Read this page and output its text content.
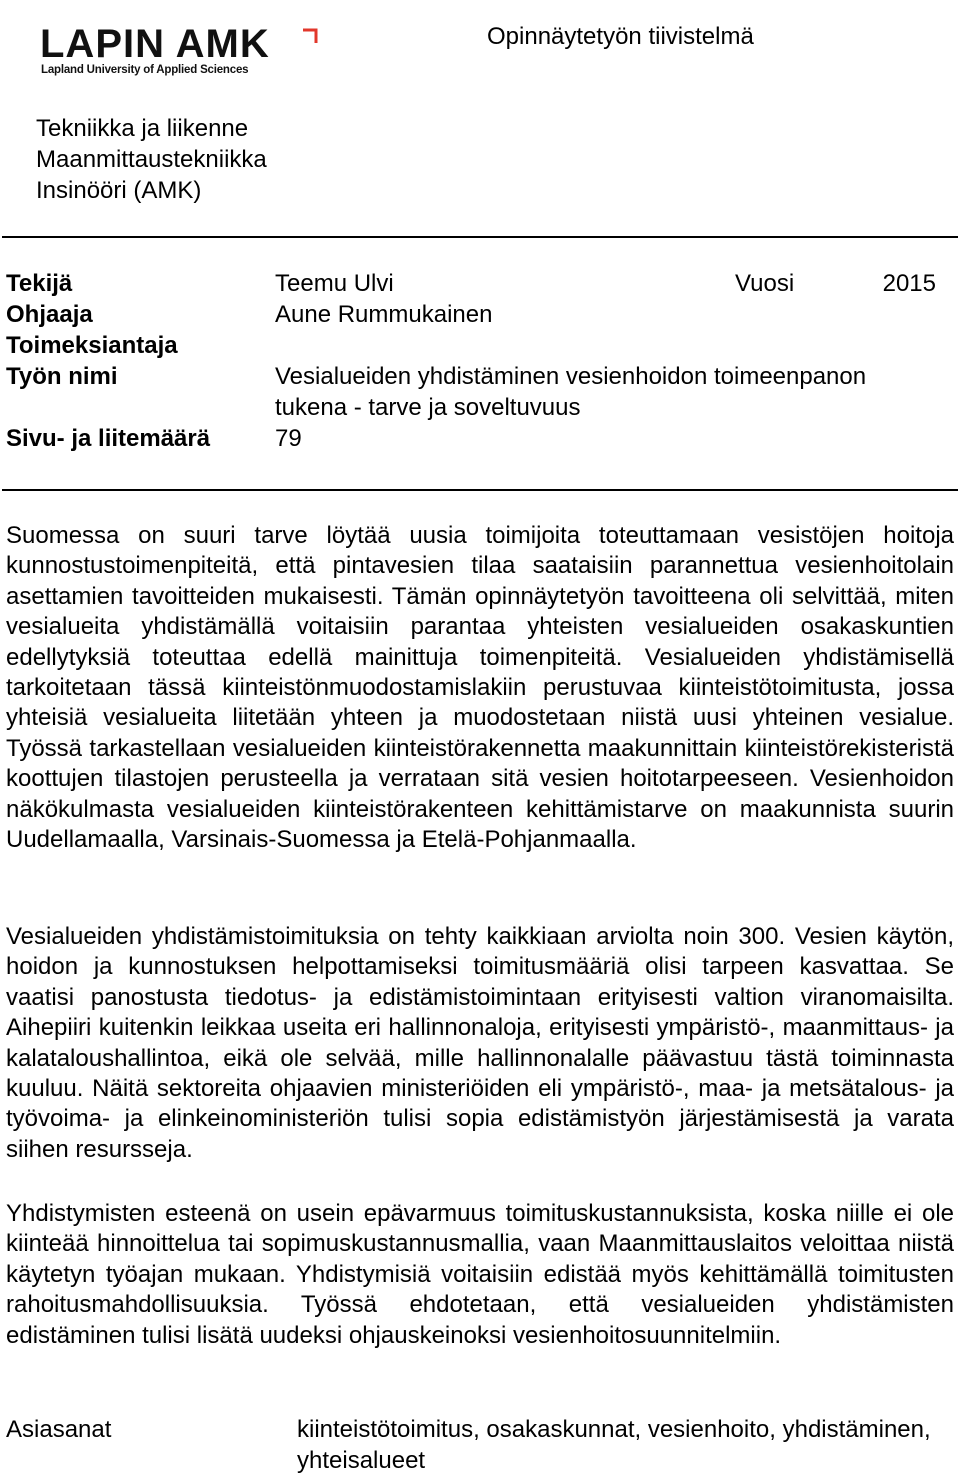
LAPIN AMK
Lapland University of Applied Sciences
Opinnäytetyön tiivistelmä
Tekniikka ja liikenne
Maanmittaustekniikka
Insinööri (AMK)
Tekijä	Teemu Ulvi	Vuosi	2015
Ohjaaja	Aune Rummukainen
Toimeksiantaja
Työn nimi	Vesialueiden yhdistäminen vesienhoidon toimeenpanon
tukena - tarve ja soveltuvuus
Sivu- ja liitemäärä	79
Suomessa on suuri tarve löytää uusia toimijoita toteuttamaan vesistöjen hoitoja kunnostustoimenpiteitä, että pintavesien tilaa saataisiin parannettua vesienhoitolain asettamien tavoitteiden mukaisesti. Tämän opinnäytetyön tavoitteena oli selvittää, miten vesialueita yhdistämällä voitaisiin parantaa yhteisten vesialueiden osakaskuntien edellytyksiä toteuttaa edellä mainittuja toimenpiteitä. Vesialueiden yhdistämisellä tarkoitetaan tässä kiinteistönmuodostamislakiin perustuvaa kiinteistötoimitusta, jossa yhteisiä vesialueita liitetään yhteen ja muodostetaan niistä uusi yhteinen vesialue. Työssä tarkastellaan vesialueiden kiinteistörakennetta maakunnittain kiinteistörekisteristä koottujen tilastojen perusteella ja verrataan sitä vesien hoitotarpeeseen. Vesienhoidon näkökulmasta vesialueiden kiinteistörakenteen kehittämistarve on maakunnista suurin Uudellamaalla, Varsinais-Suomessa ja Etelä-Pohjanmaalla.
Vesialueiden yhdistämistoimituksia on tehty kaikkiaan arviolta noin 300. Vesien käytön, hoidon ja kunnostuksen helpottamiseksi toimitusmääriä olisi tarpeen kasvattaa. Se vaatisi panostusta tiedotus- ja edistämistoimintaan erityisesti valtion viranomaisilta. Aihepiiri kuitenkin leikkaa useita eri hallinnonaloja, erityisesti ympäristö-, maanmittaus- ja kalataloushallintoa, eikä ole selvää, mille hallinnonalalle päävastuu tästä toiminnasta kuuluu. Näitä sektoreita ohjaavien ministeriöiden eli ympäristö-, maa- ja metsätalous- ja työvoima- ja elinkeinoministeriön tulisi sopia edistämistyön järjestämisestä ja varata siihen resursseja.
Yhdistymisten esteenä on usein epävarmuus toimituskustannuksista, koska niille ei ole kiinteää hinnoittelua tai sopimuskustannusmallia, vaan Maanmittauslaitos veloittaa niistä käytetyn työajan mukaan. Yhdistymisiä voitaisiin edistää myös kehittämällä toimitusten rahoitusmahdollisuuksia. Työssä ehdotetaan, että vesialueiden yhdistämisten edistäminen tulisi lisätä uudeksi ohjauskeinoksi vesienhoitosuunnitelmiin.
Asiasanat	kiinteistötoimitus, osakaskunnat, vesienhoito, yhdistäminen, yhteisalueet
